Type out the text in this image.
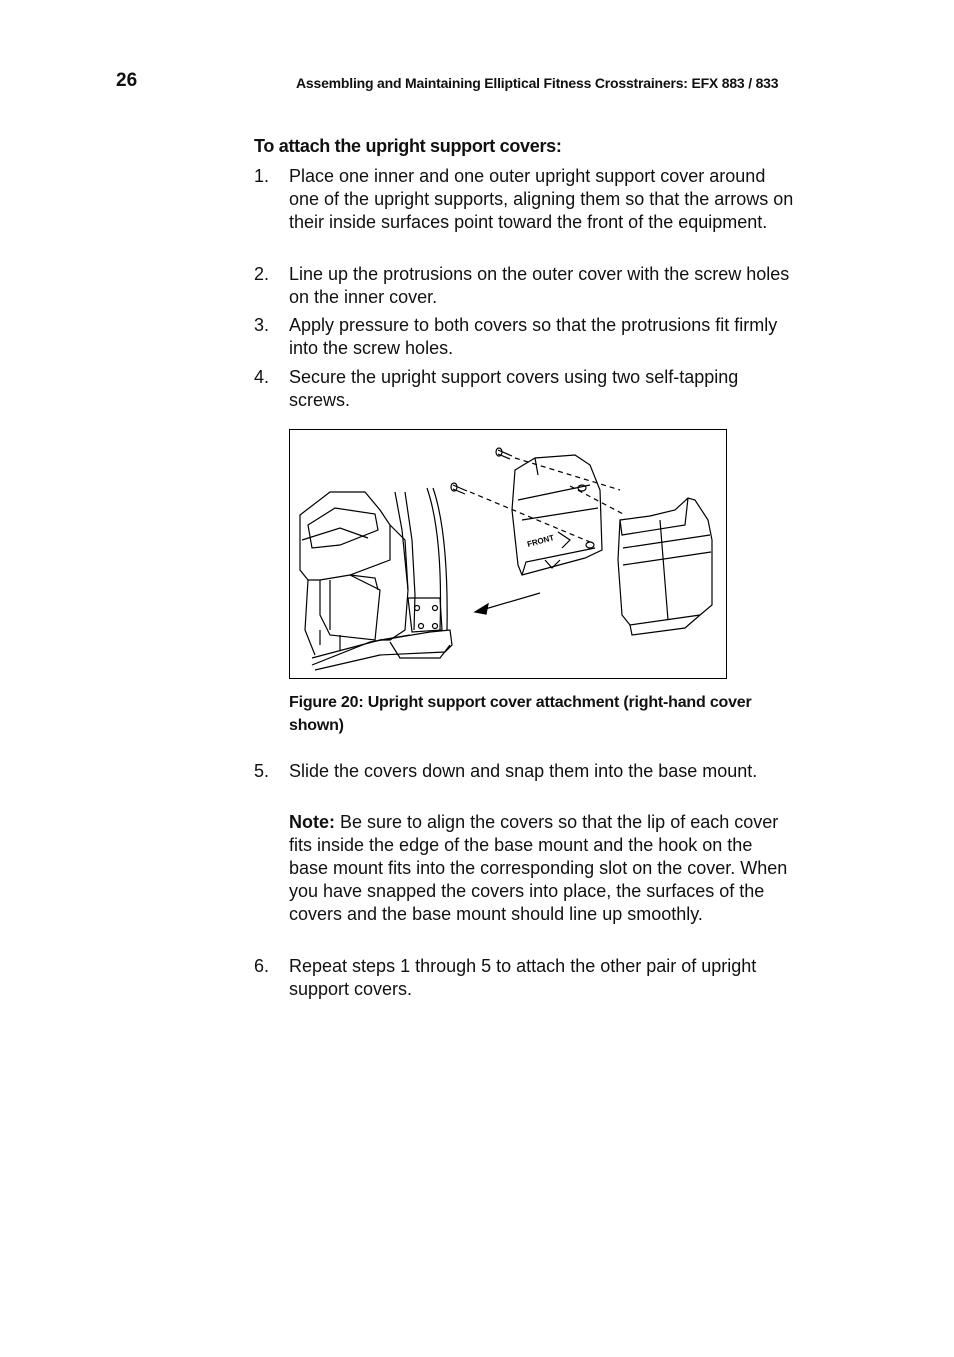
26	Assembling and Maintaining Elliptical Fitness Crosstrainers: EFX 883 / 833
To attach the upright support covers:
1.	Place one inner and one outer upright support cover around one of the upright supports, aligning them so that the arrows on their inside surfaces point toward the front of the equipment.
2.	Line up the protrusions on the outer cover with the screw holes on the inner cover.
3.	Apply pressure to both covers so that the protrusions fit firmly into the screw holes.
4.	Secure the upright support covers using two self-tapping screws.
FRONT
Figure 20: Upright support cover attachment (right-hand cover shown)
5.	Slide the covers down and snap them into the base mount.
Note: Be sure to align the covers so that the lip of each cover fits inside the edge of the base mount and the hook on the base mount fits into the corresponding slot on the cover. When you have snapped the covers into place, the surfaces of the covers and the base mount should line up smoothly.
6.	Repeat steps 1 through 5 to attach the other pair of upright support covers.
